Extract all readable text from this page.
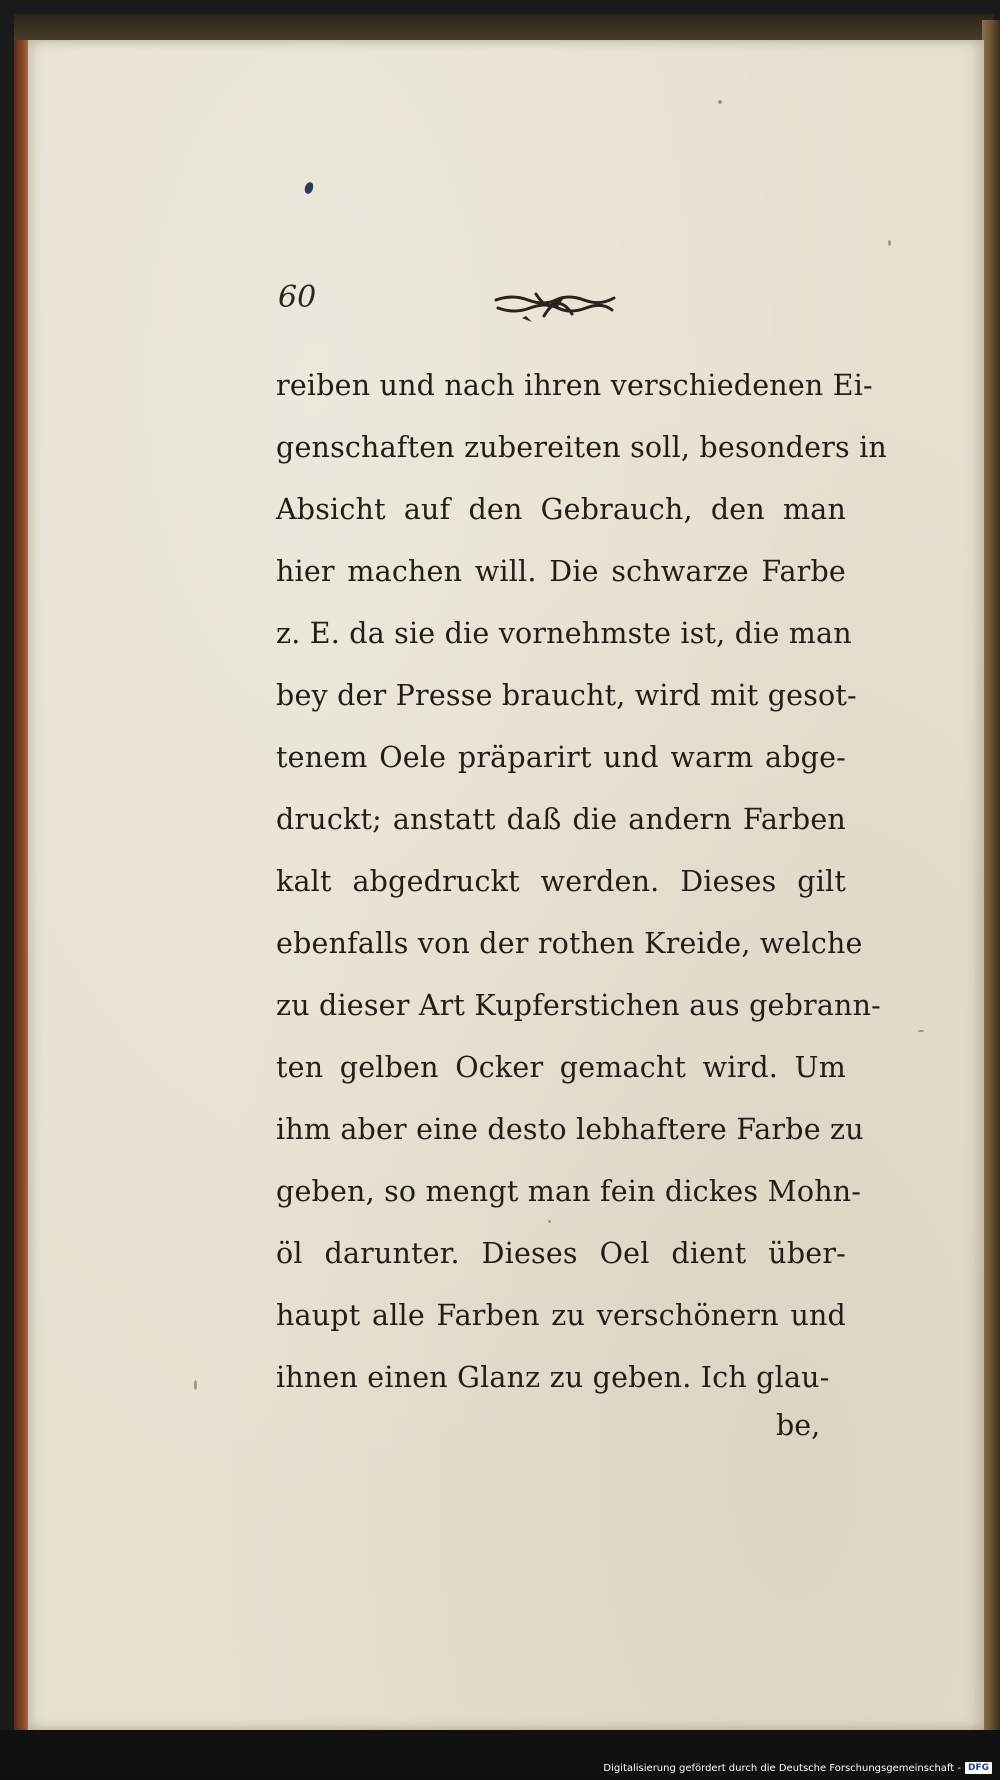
60
reiben und nach ihren verschiedenen Ei-
genschaften zubereiten soll, besonders in
Absicht auf den Gebrauch, den man
hier machen will. Die schwarze Farbe
z. E. da sie die vornehmste ist, die man
bey der Presse braucht, wird mit gesot-
tenem Oele präparirt und warm abge-
druckt; anstatt daß die andern Farben
kalt abgedruckt werden. Dieses gilt
ebenfalls von der rothen Kreide, welche
zu dieser Art Kupferstichen aus gebrann-
ten gelben Ocker gemacht wird. Um
ihm aber eine desto lebhaftere Farbe zu
geben, so mengt man fein dickes Mohn-
öl darunter. Dieses Oel dient über-
haupt alle Farben zu verschönern und
ihnen einen Glanz zu geben. Ich glau-
be,
Digitalisierung gefördert durch die Deutsche Forschungsgemeinschaft - DFG
